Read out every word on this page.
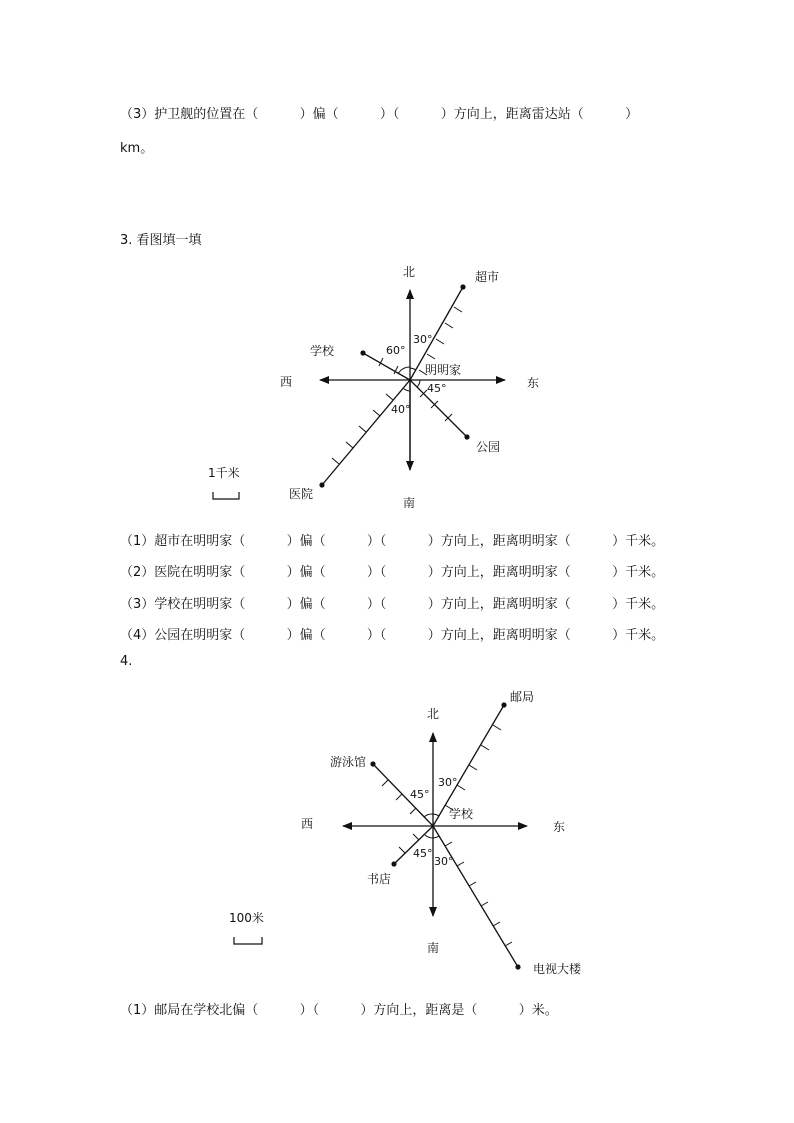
（3）护卫舰的位置在（          ）偏（          ）（          ）方向上，距离雷达站（          ）
km。
3. 看图填一填
北
南
西	东
明明家
超市
学校
公园
医院
30°
60°
45°
40°
1千米
北
南
西	东
学校
邮局
游泳馆
书店
电视大楼
30°
45°
45°
30°
100米
（1）超市在明明家（          ）偏（          ）（          ）方向上，距离明明家（          ）千米。
（2）医院在明明家（          ）偏（          ）（          ）方向上，距离明明家（          ）千米。
（3）学校在明明家（          ）偏（          ）（          ）方向上，距离明明家（          ）千米。
（4）公园在明明家（          ）偏（          ）（          ）方向上，距离明明家（          ）千米。
4.
（1）邮局在学校北偏（          ）（          ）方向上，距离是（          ）米。
